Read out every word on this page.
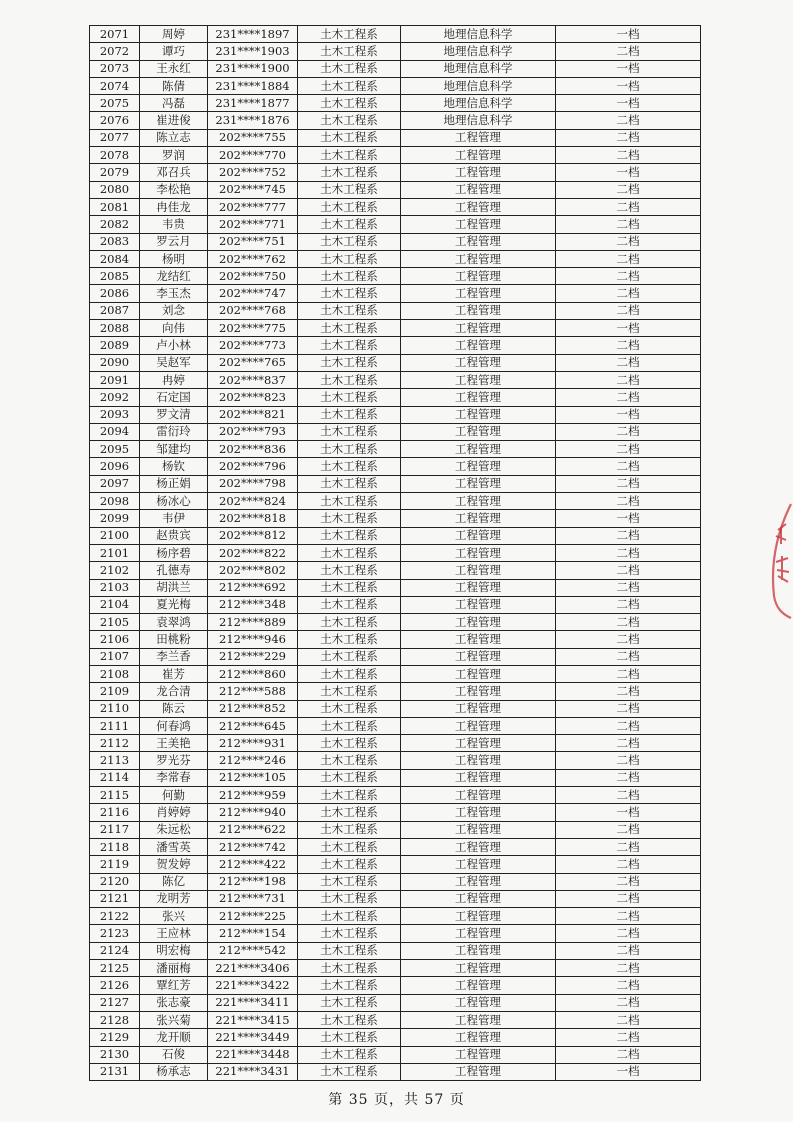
2071	周婷	231****1897	土木工程系	地理信息科学	一档
2072	谭巧	231****1903	土木工程系	地理信息科学	二档
2073	王永红	231****1900	土木工程系	地理信息科学	一档
2074	陈倩	231****1884	土木工程系	地理信息科学	一档
2075	冯磊	231****1877	土木工程系	地理信息科学	一档
2076	崔进俊	231****1876	土木工程系	地理信息科学	二档
2077	陈立志	202****755	土木工程系	工程管理	二档
2078	罗润	202****770	土木工程系	工程管理	二档
2079	邓召兵	202****752	土木工程系	工程管理	一档
2080	李松艳	202****745	土木工程系	工程管理	二档
2081	冉佳龙	202****777	土木工程系	工程管理	二档
2082	韦贵	202****771	土木工程系	工程管理	二档
2083	罗云月	202****751	土木工程系	工程管理	二档
2084	杨明	202****762	土木工程系	工程管理	二档
2085	龙结红	202****750	土木工程系	工程管理	二档
2086	李玉杰	202****747	土木工程系	工程管理	二档
2087	刘念	202****768	土木工程系	工程管理	二档
2088	向伟	202****775	土木工程系	工程管理	一档
2089	卢小林	202****773	土木工程系	工程管理	二档
2090	吴赵军	202****765	土木工程系	工程管理	二档
2091	冉婷	202****837	土木工程系	工程管理	二档
2092	石定国	202****823	土木工程系	工程管理	二档
2093	罗文清	202****821	土木工程系	工程管理	一档
2094	雷衍玲	202****793	土木工程系	工程管理	二档
2095	邹建均	202****836	土木工程系	工程管理	二档
2096	杨钦	202****796	土木工程系	工程管理	二档
2097	杨正娟	202****798	土木工程系	工程管理	二档
2098	杨冰心	202****824	土木工程系	工程管理	二档
2099	韦伊	202****818	土木工程系	工程管理	一档
2100	赵贵宾	202****812	土木工程系	工程管理	二档
2101	杨序碧	202****822	土木工程系	工程管理	二档
2102	孔德寿	202****802	土木工程系	工程管理	二档
2103	胡洪兰	212****692	土木工程系	工程管理	二档
2104	夏光梅	212****348	土木工程系	工程管理	二档
2105	袁翠鸿	212****889	土木工程系	工程管理	二档
2106	田桃粉	212****946	土木工程系	工程管理	二档
2107	李兰香	212****229	土木工程系	工程管理	二档
2108	崔芳	212****860	土木工程系	工程管理	二档
2109	龙合清	212****588	土木工程系	工程管理	二档
2110	陈云	212****852	土木工程系	工程管理	二档
2111	何春鸿	212****645	土木工程系	工程管理	二档
2112	王美艳	212****931	土木工程系	工程管理	二档
2113	罗光芬	212****246	土木工程系	工程管理	二档
2114	李常春	212****105	土木工程系	工程管理	二档
2115	何勤	212****959	土木工程系	工程管理	二档
2116	肖婷婷	212****940	土木工程系	工程管理	一档
2117	朱远松	212****622	土木工程系	工程管理	二档
2118	潘雪英	212****742	土木工程系	工程管理	二档
2119	贺发婷	212****422	土木工程系	工程管理	二档
2120	陈亿	212****198	土木工程系	工程管理	二档
2121	龙明芳	212****731	土木工程系	工程管理	二档
2122	张兴	212****225	土木工程系	工程管理	二档
2123	王应林	212****154	土木工程系	工程管理	二档
2124	明宏梅	212****542	土木工程系	工程管理	二档
2125	潘丽梅	221****3406	土木工程系	工程管理	二档
2126	覃红芳	221****3422	土木工程系	工程管理	二档
2127	张志豪	221****3411	土木工程系	工程管理	二档
2128	张兴菊	221****3415	土木工程系	工程管理	二档
2129	龙开顺	221****3449	土木工程系	工程管理	二档
2130	石俊	221****3448	土木工程系	工程管理	二档
2131	杨承志	221****3431	土木工程系	工程管理	一档
第 35 页，共 57 页
